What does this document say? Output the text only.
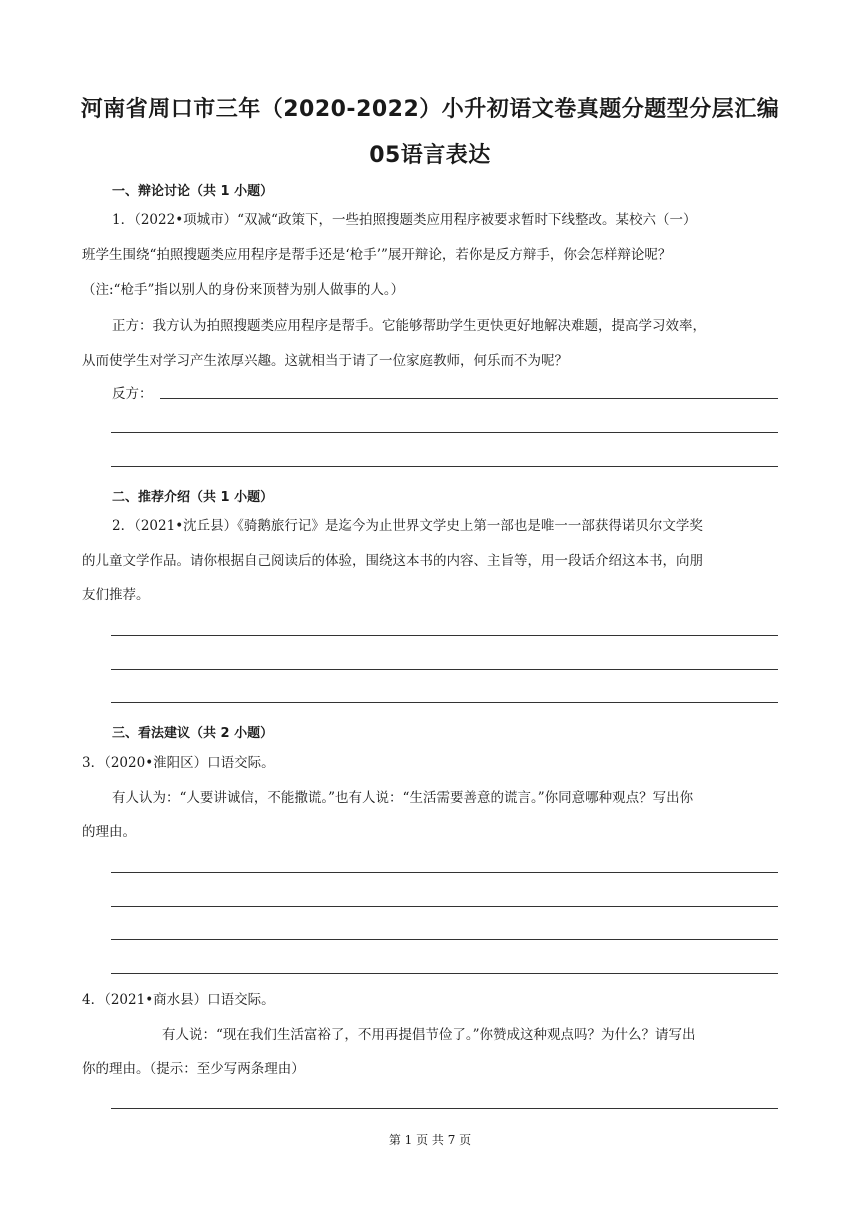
河南省周口市三年（2020-2022）小升初语文卷真题分题型分层汇编
05语言表达
一、辩论讨论（共 1 小题）
1．（2022•项城市）“双减“政策下，一些拍照搜题类应用程序被要求暂时下线整改。某校六（一）
班学生围绕“拍照搜题类应用程序是帮手还是‘枪手’”展开辩论，若你是反方辩手，你会怎样辩论呢？
（注:“枪手”指以别人的身份来顶替为别人做事的人。）
正方：我方认为拍照搜题类应用程序是帮手。它能够帮助学生更快更好地解决难题，提高学习效率，
从而使学生对学习产生浓厚兴趣。这就相当于请了一位家庭教师，何乐而不为呢？
反方：
二、推荐介绍（共 1 小题）
2．（2021•沈丘县）《骑鹅旅行记》是迄今为止世界文学史上第一部也是唯一一部获得诺贝尔文学奖
的儿童文学作品。请你根据自己阅读后的体验，围绕这本书的内容、主旨等，用一段话介绍这本书，向朋
友们推荐。
三、看法建议（共 2 小题）
3．（2020•淮阳区）口语交际。
有人认为：“人要讲诚信，不能撒谎。”也有人说：“生活需要善意的谎言。”你同意哪种观点？写出你
的理由。
4．（2021•商水县）口语交际。
有人说：“现在我们生活富裕了，不用再提倡节俭了。”你赞成这种观点吗？为什么？请写出
你的理由。（提示：至少写两条理由）
第 1 页 共 7 页
